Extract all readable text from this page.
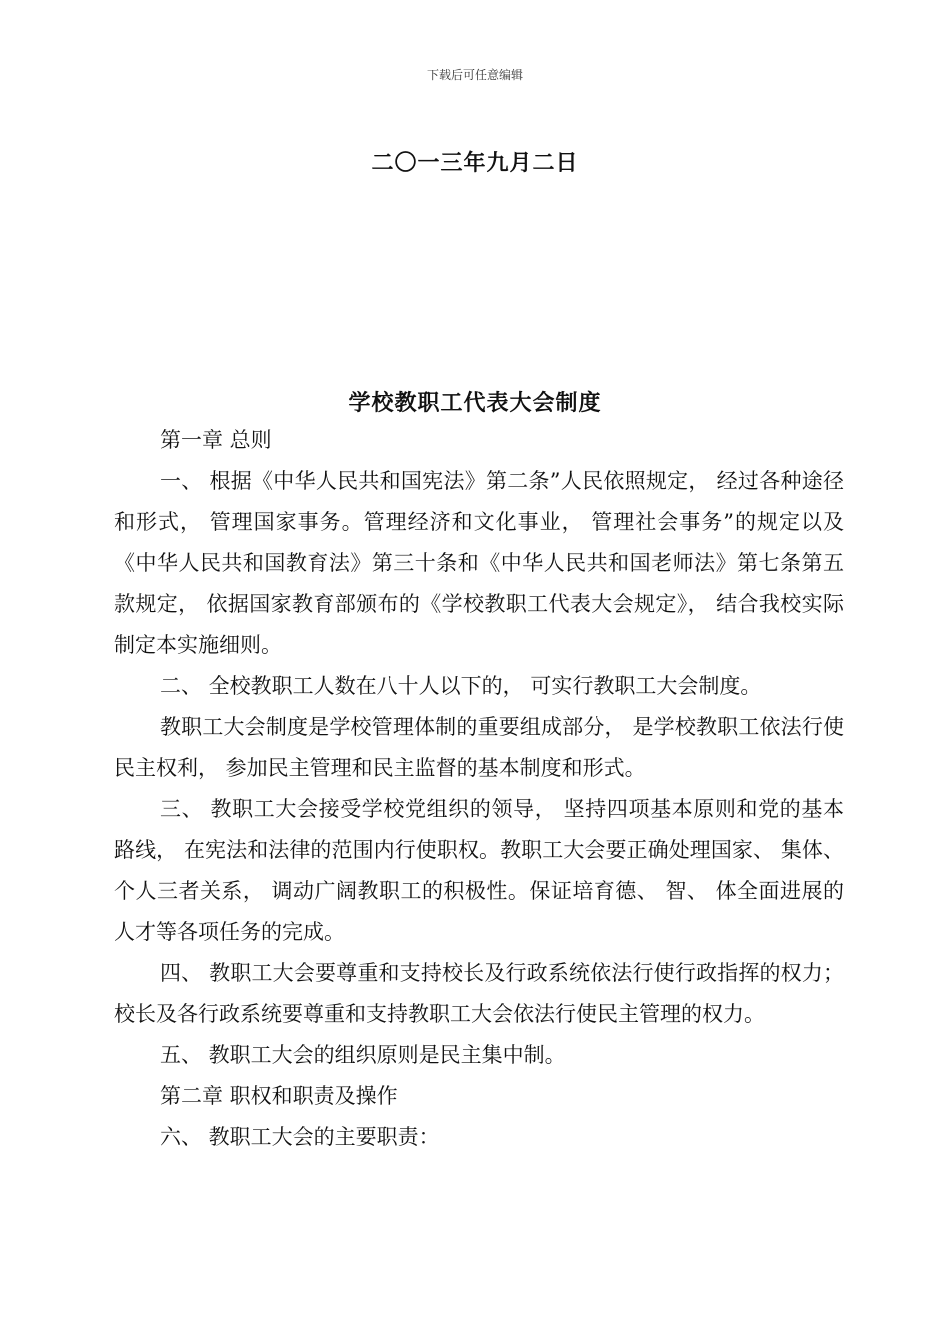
下载后可任意编辑
二〇一三年九月二日
学校教职工代表大会制度

第一章 总则

一、 根据《中华人民共和国宪法》第二条”人民依照规定， 经过各种途径和形式， 管理国家事务。管理经济和文化事业， 管理社会事务”的规定以及《中华人民共和国教育法》第三十条和《中华人民共和国老师法》第七条第五款规定， 依据国家教育部颁布的《学校教职工代表大会规定》， 结合我校实际制定本实施细则。

二、 全校教职工人数在八十人以下的， 可实行教职工大会制度。

教职工大会制度是学校管理体制的重要组成部分， 是学校教职工依法行使民主权利， 参加民主管理和民主监督的基本制度和形式。

三、 教职工大会接受学校党组织的领导， 坚持四项基本原则和党的基本路线， 在宪法和法律的范围内行使职权。教职工大会要正确处理国家、 集体、 个人三者关系， 调动广阔教职工的积极性。保证培育德、 智、 体全面进展的人才等各项任务的完成。

四、 教职工大会要尊重和支持校长及行政系统依法行使行政指挥的权力； 校长及各行政系统要尊重和支持教职工大会依法行使民主管理的权力。

五、 教职工大会的组织原则是民主集中制。

第二章 职权和职责及操作

六、 教职工大会的主要职责：
